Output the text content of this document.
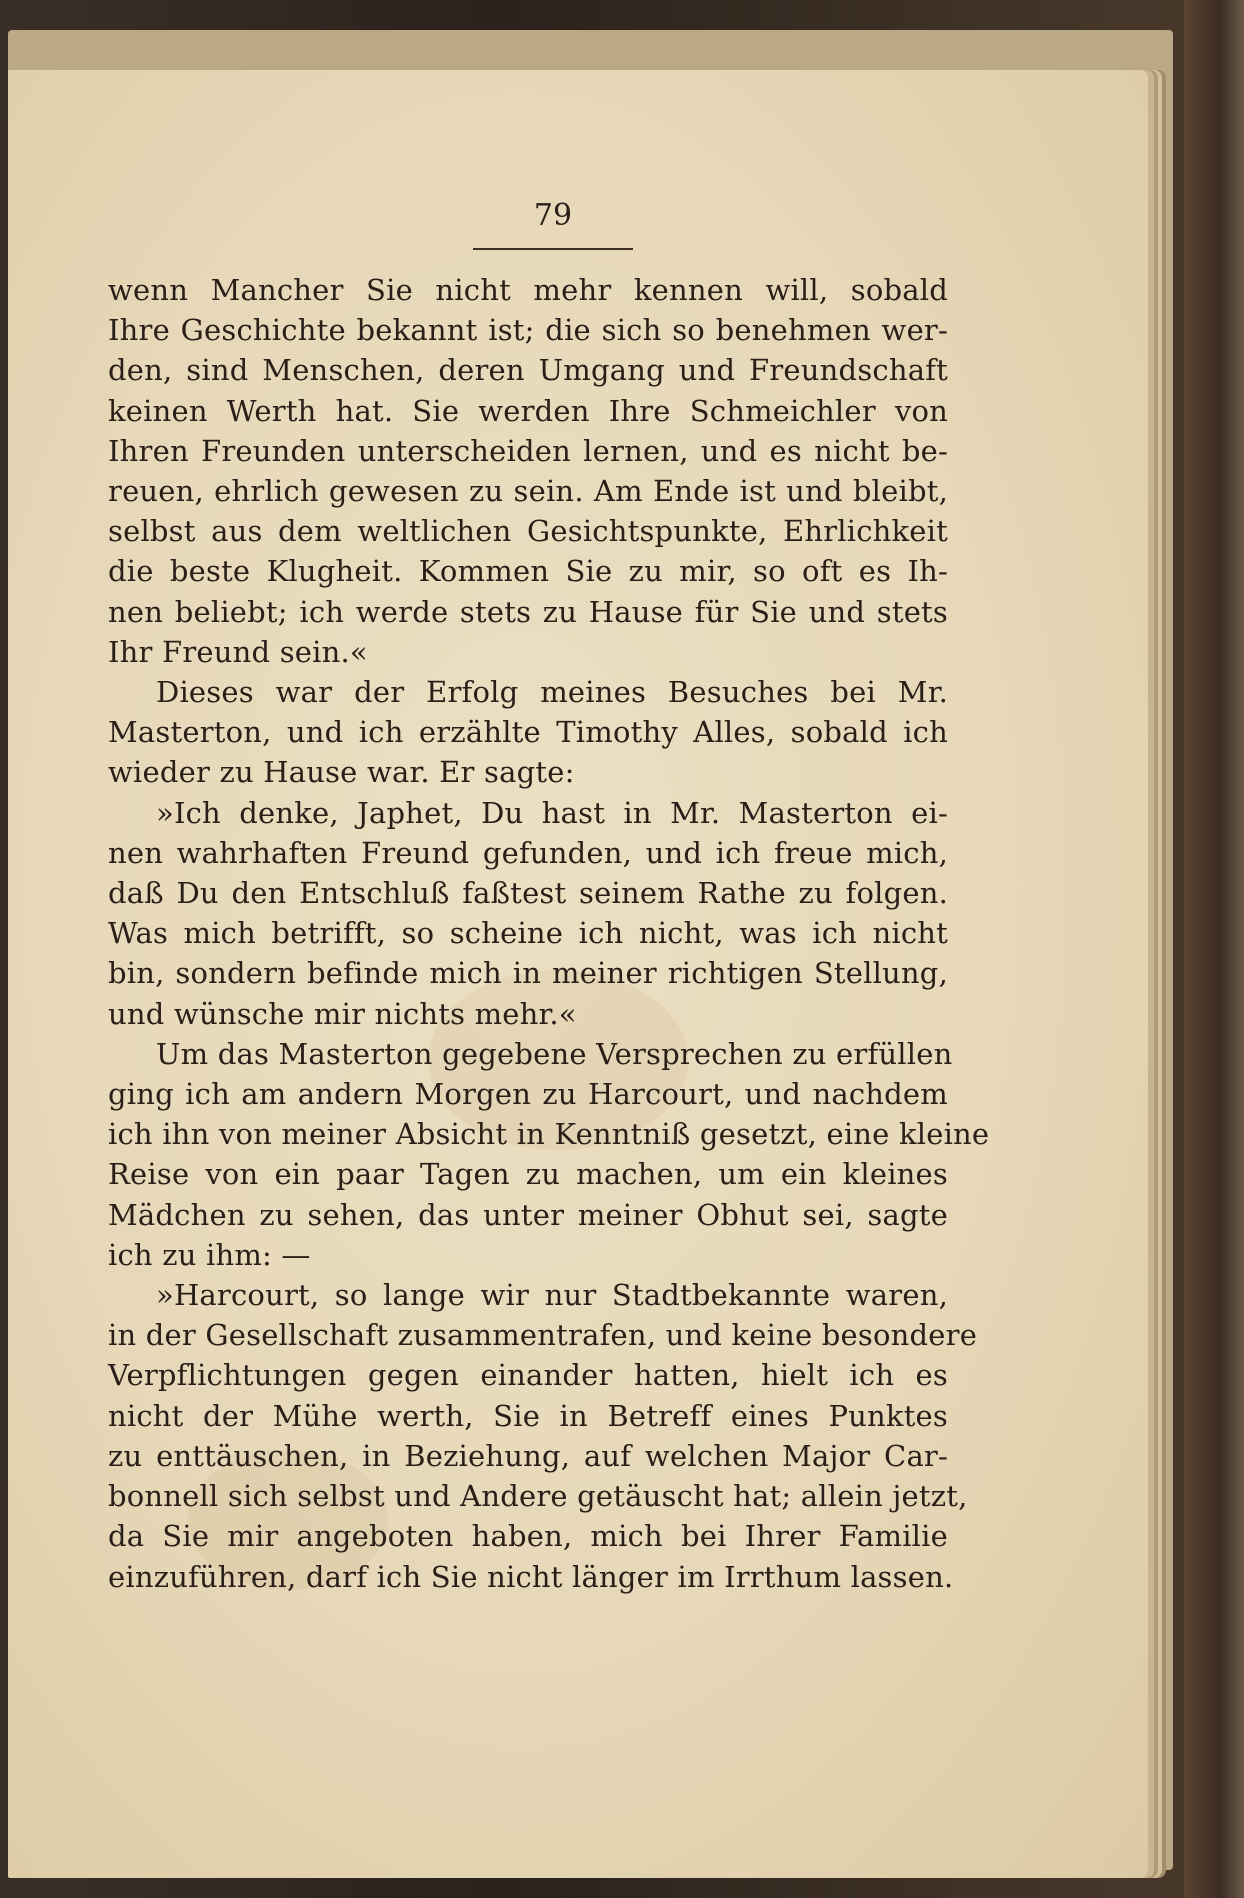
79
wenn Mancher Sie nicht mehr kennen will, sobald
Ihre Geschichte bekannt ist; die sich so benehmen wer-
den, sind Menschen, deren Umgang und Freundschaft
keinen Werth hat. Sie werden Ihre Schmeichler von
Ihren Freunden unterscheiden lernen, und es nicht be-
reuen, ehrlich gewesen zu sein. Am Ende ist und bleibt,
selbst aus dem weltlichen Gesichtspunkte, Ehrlichkeit
die beste Klugheit. Kommen Sie zu mir, so oft es Ih-
nen beliebt; ich werde stets zu Hause für Sie und stets
Ihr Freund sein.«
Dieses war der Erfolg meines Besuches bei Mr.
Masterton, und ich erzählte Timothy Alles, sobald ich
wieder zu Hause war. Er sagte:
»Ich denke, Japhet, Du hast in Mr. Masterton ei-
nen wahrhaften Freund gefunden, und ich freue mich,
daß Du den Entschluß faßtest seinem Rathe zu folgen.
Was mich betrifft, so scheine ich nicht, was ich nicht
bin, sondern befinde mich in meiner richtigen Stellung,
und wünsche mir nichts mehr.«
Um das Masterton gegebene Versprechen zu erfüllen
ging ich am andern Morgen zu Harcourt, und nachdem
ich ihn von meiner Absicht in Kenntniß gesetzt, eine kleine
Reise von ein paar Tagen zu machen, um ein kleines
Mädchen zu sehen, das unter meiner Obhut sei, sagte
ich zu ihm: —
»Harcourt, so lange wir nur Stadtbekannte waren,
in der Gesellschaft zusammentrafen, und keine besondere
Verpflichtungen gegen einander hatten, hielt ich es
nicht der Mühe werth, Sie in Betreff eines Punktes
zu enttäuschen, in Beziehung, auf welchen Major Car-
bonnell sich selbst und Andere getäuscht hat; allein jetzt,
da Sie mir angeboten haben, mich bei Ihrer Familie
einzuführen, darf ich Sie nicht länger im Irrthum lassen.
